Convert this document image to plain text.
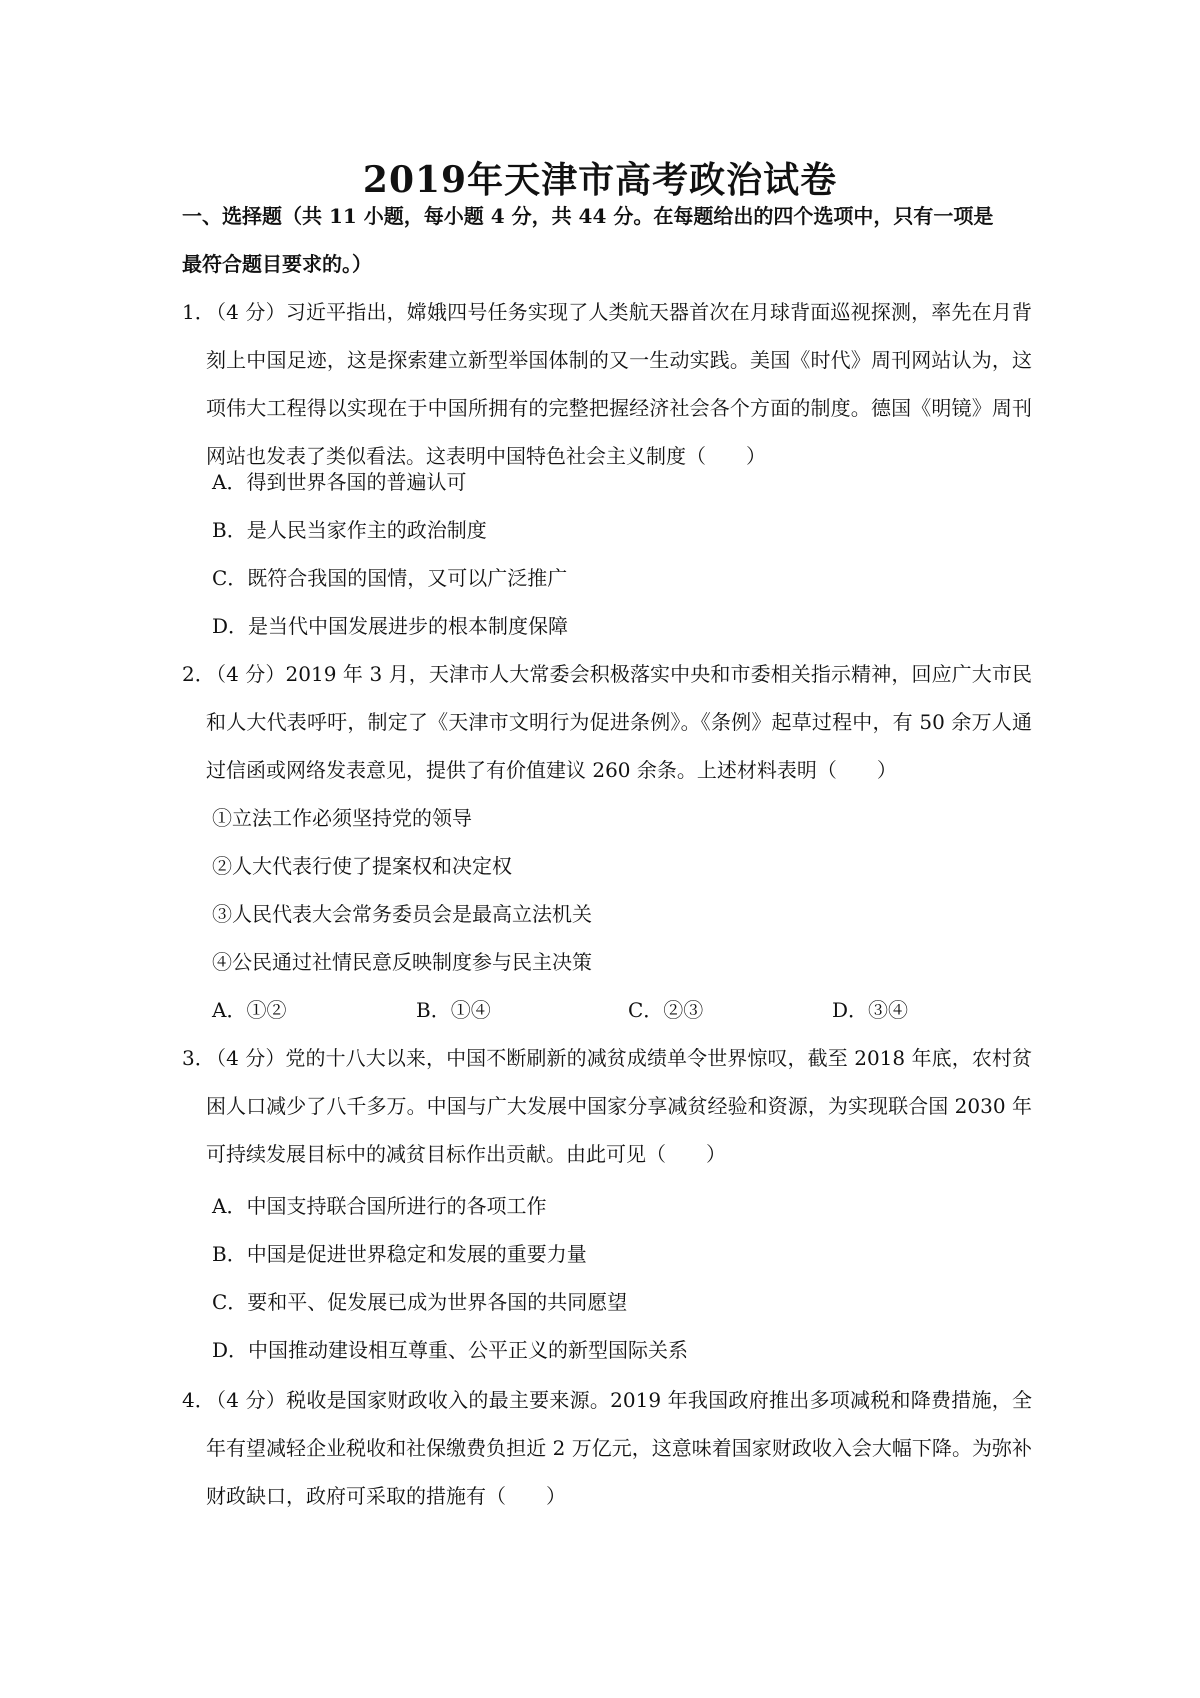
2019年天津市高考政治试卷
一、选择题（共 11 小题，每小题 4 分，共 44 分。在每题给出的四个选项中，只有一项是
最符合题目要求的。）
1．
（4 分）习近平指出，嫦娥四号任务实现了人类航天器首次在月球背面巡视探测，率先在月背刻上中国足迹，这是探索建立新型举国体制的又一生动实践。美国《时代》周刊网站认为，这项伟大工程得以实现在于中国所拥有的完整把握经济社会各个方面的制度。德国《明镜》周刊网站也发表了类似看法。这表明中国特色社会主义制度（　　）
A．得到世界各国的普遍认可
B．是人民当家作主的政治制度
C．既符合我国的国情，又可以广泛推广
D．是当代中国发展进步的根本制度保障
2．
（4 分）2019 年 3 月，天津市人大常委会积极落实中央和市委相关指示精神，回应广大市民和人大代表呼吁，制定了《天津市文明行为促进条例》。《条例》起草过程中，有 50 余万人通过信函或网络发表意见，提供了有价值建议 260 余条。上述材料表明（　　）
①立法工作必须坚持党的领导
②人大代表行使了提案权和决定权
③人民代表大会常务委员会是最高立法机关
④公民通过社情民意反映制度参与民主决策
A．①②	B．①④	C．②③	D．③④
3．
（4 分）党的十八大以来，中国不断刷新的减贫成绩单令世界惊叹，截至 2018 年底，农村贫困人口减少了八千多万。中国与广大发展中国家分享减贫经验和资源，为实现联合国 2030 年可持续发展目标中的减贫目标作出贡献。由此可见（　　）
A．中国支持联合国所进行的各项工作
B．中国是促进世界稳定和发展的重要力量
C．要和平、促发展已成为世界各国的共同愿望
D．中国推动建设相互尊重、公平正义的新型国际关系
4．
（4 分）税收是国家财政收入的最主要来源。2019 年我国政府推出多项减税和降费措施，全年有望减轻企业税收和社保缴费负担近 2 万亿元，这意味着国家财政收入会大幅下降。为弥补财政缺口，政府可采取的措施有（　　）
